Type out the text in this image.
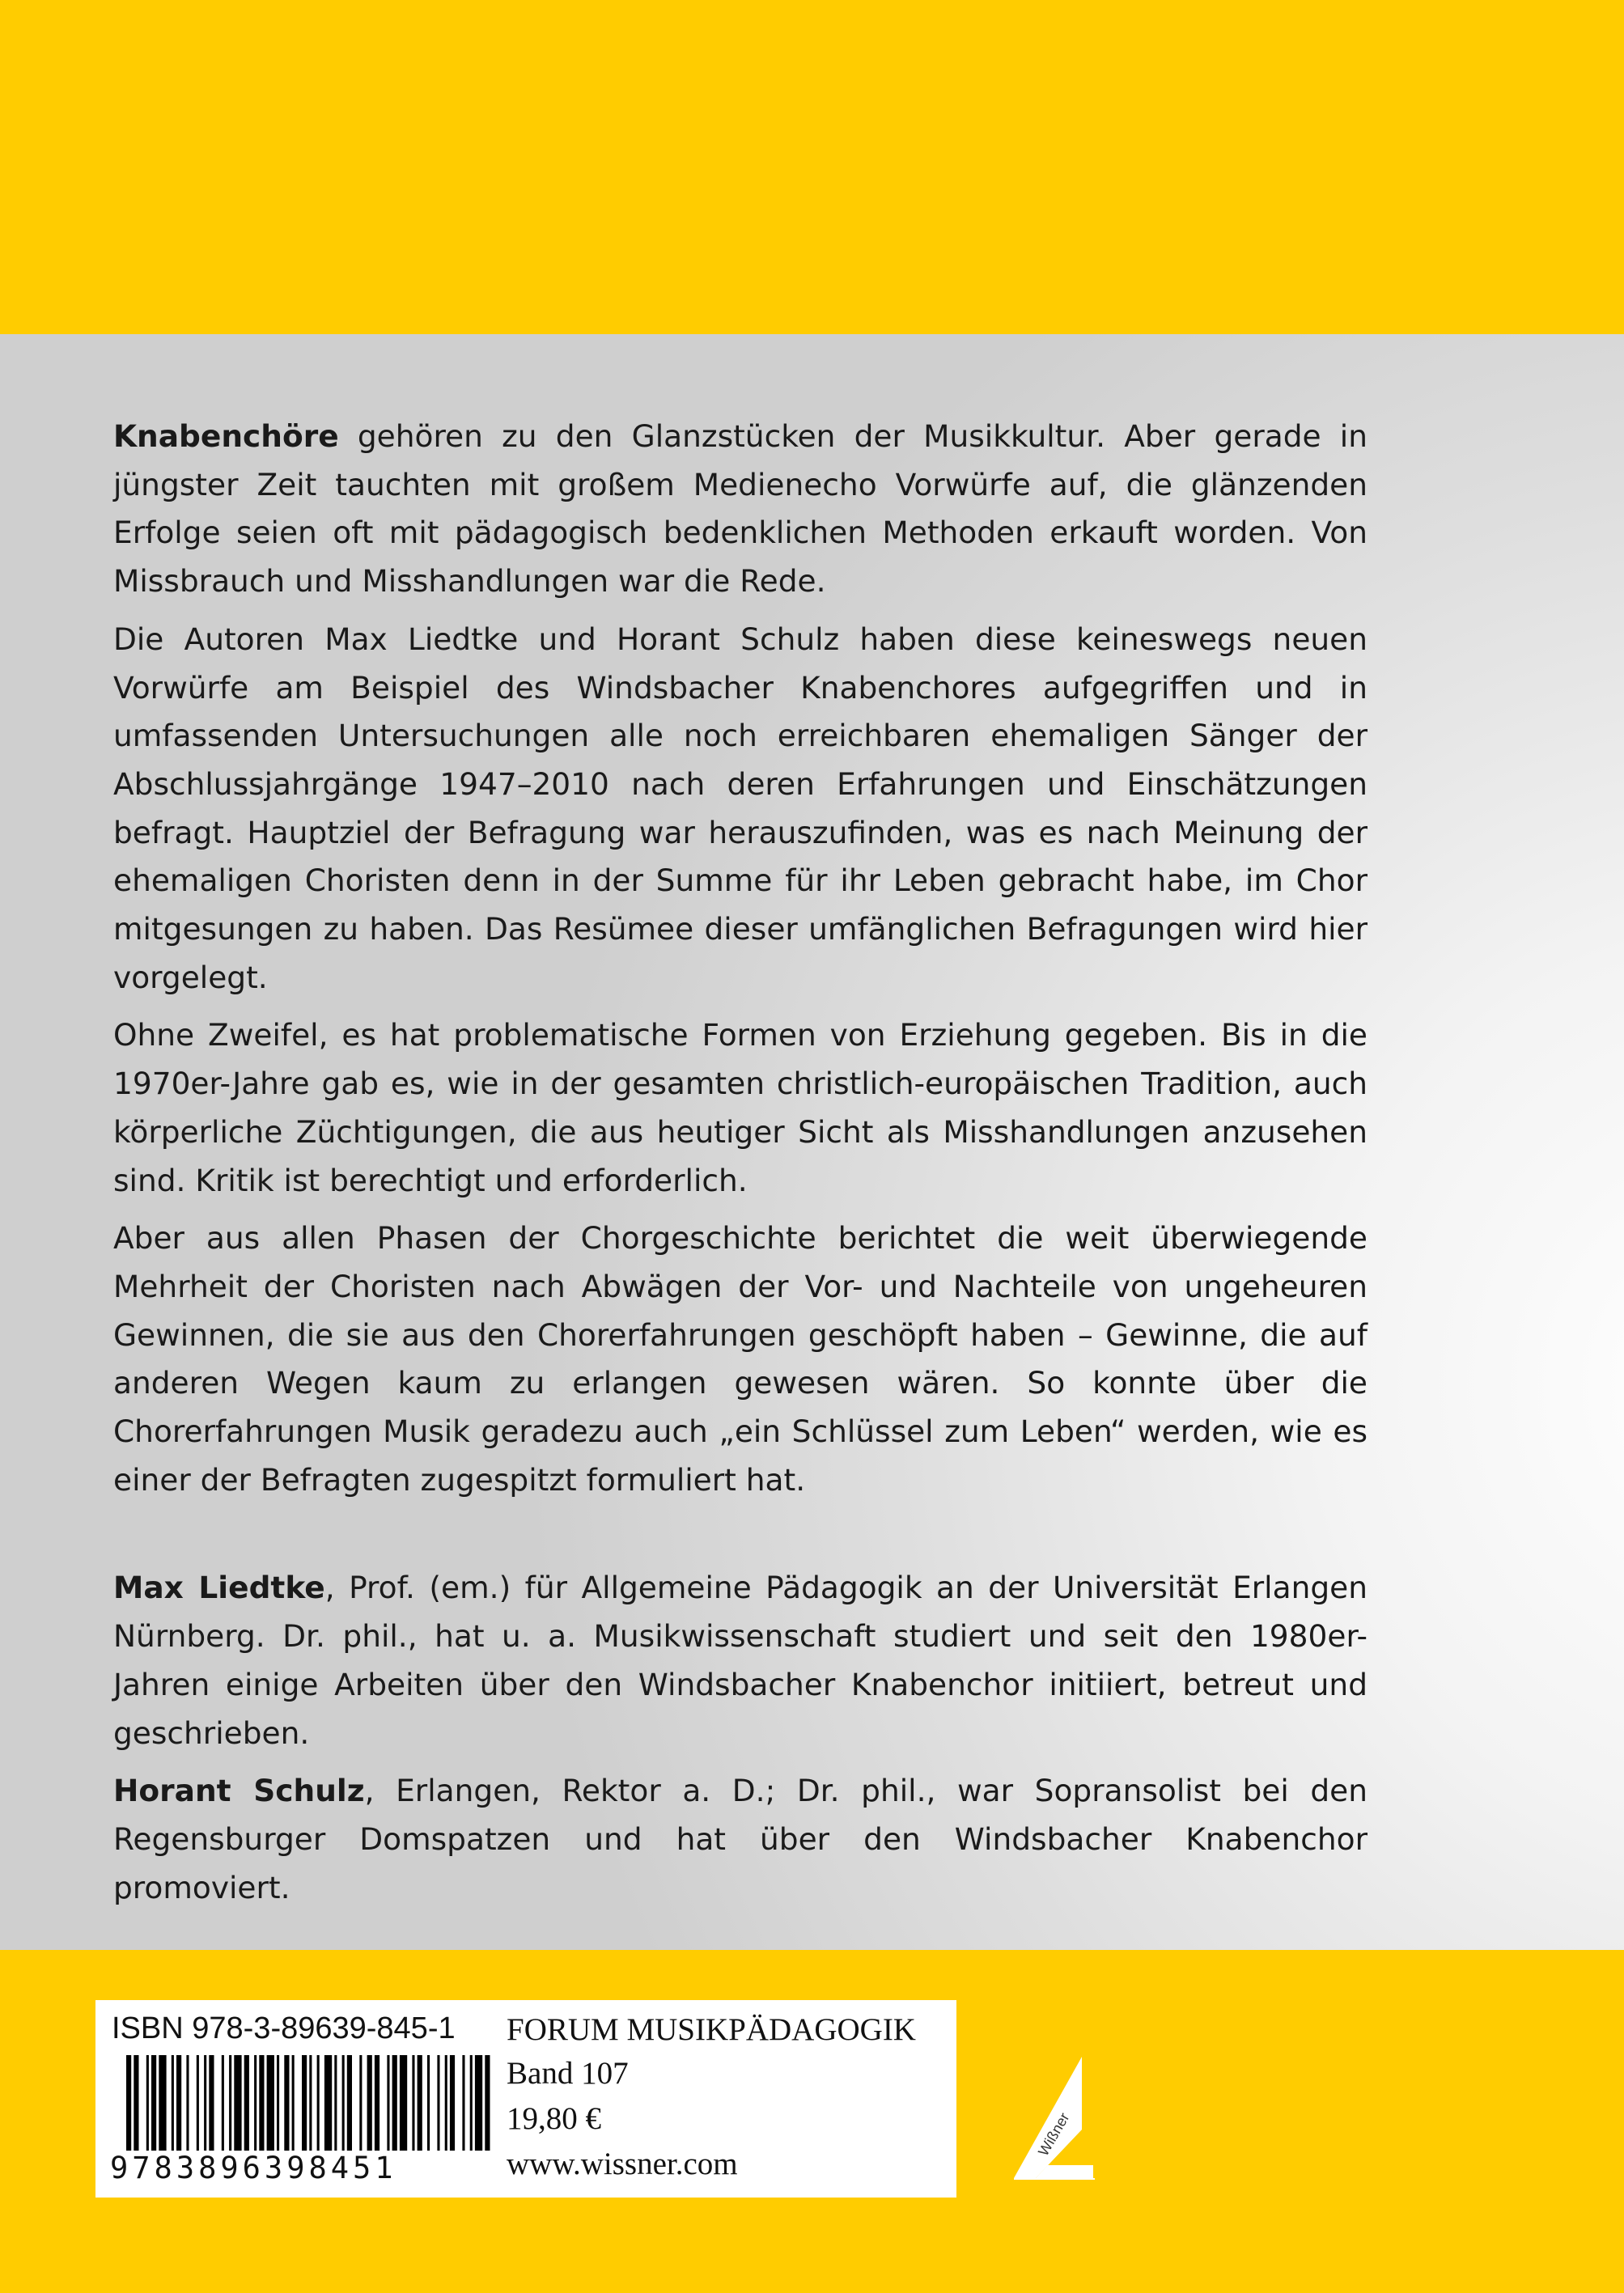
Knabenchöre gehören zu den Glanzstücken der Musikkultur. Aber gerade in jüngster Zeit tauchten mit großem Medienecho Vorwürfe auf, die glänzenden Erfolge seien oft mit pädagogisch bedenklichen Methoden erkauft worden. Von Missbrauch und Misshandlungen war die Rede.

Die Autoren Max Liedtke und Horant Schulz haben diese keineswegs neuen Vorwürfe am Beispiel des Windsbacher Knabenchores aufgegriffen und in umfassenden Untersuchungen alle noch erreichbaren ehemaligen Sänger der Abschlussjahrgänge 1947–2010 nach deren Erfahrungen und Einschätzungen befragt. Hauptziel der Befragung war herauszufinden, was es nach Meinung der ehemaligen Choristen denn in der Summe für ihr Leben gebracht habe, im Chor mitgesungen zu haben. Das Resümee dieser umfänglichen Befragungen wird hier vorgelegt.

Ohne Zweifel, es hat problematische Formen von Erziehung gegeben. Bis in die 1970er-Jahre gab es, wie in der gesamten christlich-europäischen Tradition, auch körperliche Züchtigungen, die aus heutiger Sicht als Misshandlungen anzusehen sind. Kritik ist berechtigt und erforderlich.

Aber aus allen Phasen der Chorgeschichte berichtet die weit überwiegende Mehrheit der Choristen nach Abwägen der Vor- und Nachteile von ungeheuren Gewinnen, die sie aus den Chorerfahrungen geschöpft haben – Gewinne, die auf anderen Wegen kaum zu erlangen gewesen wären. So konnte über die Chorerfahrungen Musik geradezu auch „ein Schlüssel zum Leben“ werden, wie es einer der Befragten zugespitzt formuliert hat.

Max Liedtke, Prof. (em.) für Allgemeine Pädagogik an der Universität Erlangen Nürnberg. Dr. phil., hat u. a. Musikwissenschaft studiert und seit den 1980er-Jahren einige Arbeiten über den Windsbacher Knabenchor initiiert, betreut und geschrieben.

Horant Schulz, Erlangen, Rektor a. D.; Dr. phil., war Sopransolist bei den Regensburger Domspatzen und hat über den Windsbacher Knabenchor promoviert.

ISBN 978-3-89639-845-1
9783896398451
FORUM MUSIKPÄDAGOGIK
Band 107
19,80 €
www.wissner.com
Wißner
